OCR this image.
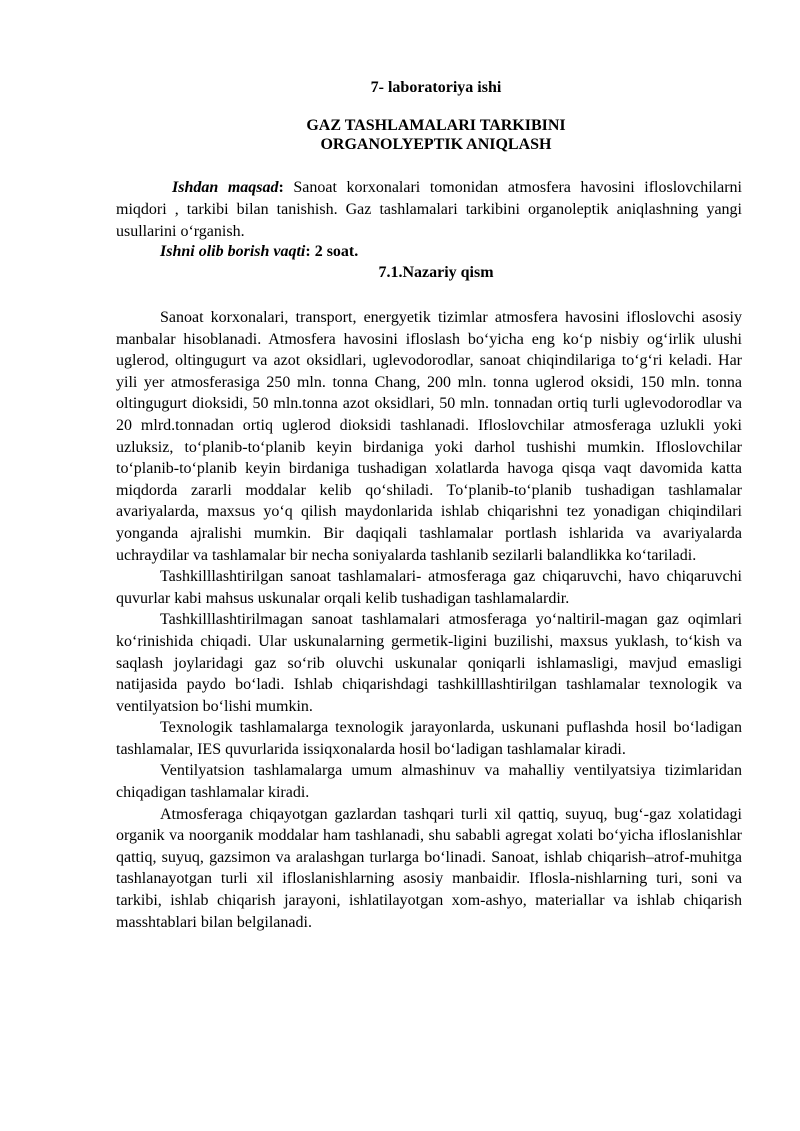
7- laboratoriya ishi
GAZ TASHLAMALARI TARKIBINI
ORGANOLYEPTIK ANIQLASH

Ishdan maqsad: Sanoat korxonalari tomonidan atmosfera havosini ifloslovchilarni miqdori , tarkibi bilan tanishish. Gaz tashlamalari tarkibini organoleptik aniqlashning yangi usullarini o‘rganish.

Ishni olib borish vaqti: 2 soat.
7.1.Nazariy qism

Sanoat korxonalari, transport, energyetik tizimlar atmosfera havosini ifloslovchi asosiy manbalar hisoblanadi. Atmosfera havosini ifloslash bo‘yicha eng ko‘p nisbiy og‘irlik ulushi uglerod, oltingugurt va azot oksidlari, uglevodorodlar, sanoat chiqindilariga to‘g‘ri keladi. Har yili yer atmosferasiga 250 mln. tonna Chang, 200 mln. tonna uglerod oksidi, 150 mln. tonna oltingugurt dioksidi, 50 mln.tonna azot oksidlari, 50 mln. tonnadan ortiq turli uglevodorodlar va 20 mlrd.tonnadan ortiq uglerod dioksidi tashlanadi. Ifloslovchilar atmosferaga uzlukli yoki uzluksiz, to‘planib-to‘planib keyin birdaniga yoki darhol tushishi mumkin. Ifloslovchilar to‘planib-to‘planib keyin birdaniga tushadigan xolatlarda havoga qisqa vaqt davomida katta miqdorda zararli moddalar kelib qo‘shiladi. To‘planib-to‘planib tushadigan tashlamalar avariyalarda, maxsus yo‘q qilish maydonlarida ishlab chiqarishni tez yonadigan chiqindilari yonganda ajralishi mumkin. Bir daqiqali tashlamalar portlash ishlarida va avariyalarda uchraydilar va tashlamalar bir necha soniyalarda tashlanib sezilarli balandlikka ko‘tariladi.

Tashkilllashtirilgan sanoat tashlamalari- atmosferaga gaz chiqaruvchi, havo chiqaruvchi quvurlar kabi mahsus uskunalar orqali kelib tushadigan tashlamalardir.

Tashkilllashtirilmagan sanoat tashlamalari atmosferaga yo‘naltiril-magan gaz oqimlari ko‘rinishida chiqadi. Ular uskunalarning germetik-ligini buzilishi, maxsus yuklash, to‘kish va saqlash joylaridagi gaz so‘rib oluvchi uskunalar qoniqarli ishlamasligi, mavjud emasligi natijasida paydo bo‘ladi. Ishlab chiqarishdagi tashkilllashtirilgan tashlamalar texnologik va ventilyatsion bo‘lishi mumkin.

Texnologik tashlamalarga texnologik jarayonlarda, uskunani puflashda hosil bo‘ladigan tashlamalar, IES quvurlarida issiqxonalarda hosil bo‘ladigan tashlamalar kiradi.

Ventilyatsion tashlamalarga umum almashinuv va mahalliy ventilyatsiya tizimlaridan chiqadigan tashlamalar kiradi.

Atmosferaga chiqayotgan gazlardan tashqari turli xil qattiq, suyuq, bug‘-gaz xolatidagi organik va noorganik moddalar ham tashlanadi, shu sababli agregat xolati bo‘yicha ifloslanishlar qattiq, suyuq, gazsimon va aralashgan turlarga bo‘linadi. Sanoat, ishlab chiqarish–atrof-muhitga tashlanayotgan turli xil ifloslanishlarning asosiy manbaidir. Iflosla-nishlarning turi, soni va tarkibi, ishlab chiqarish jarayoni, ishlatilayotgan xom-ashyo, materiallar va ishlab chiqarish masshtablari bilan belgilanadi.
